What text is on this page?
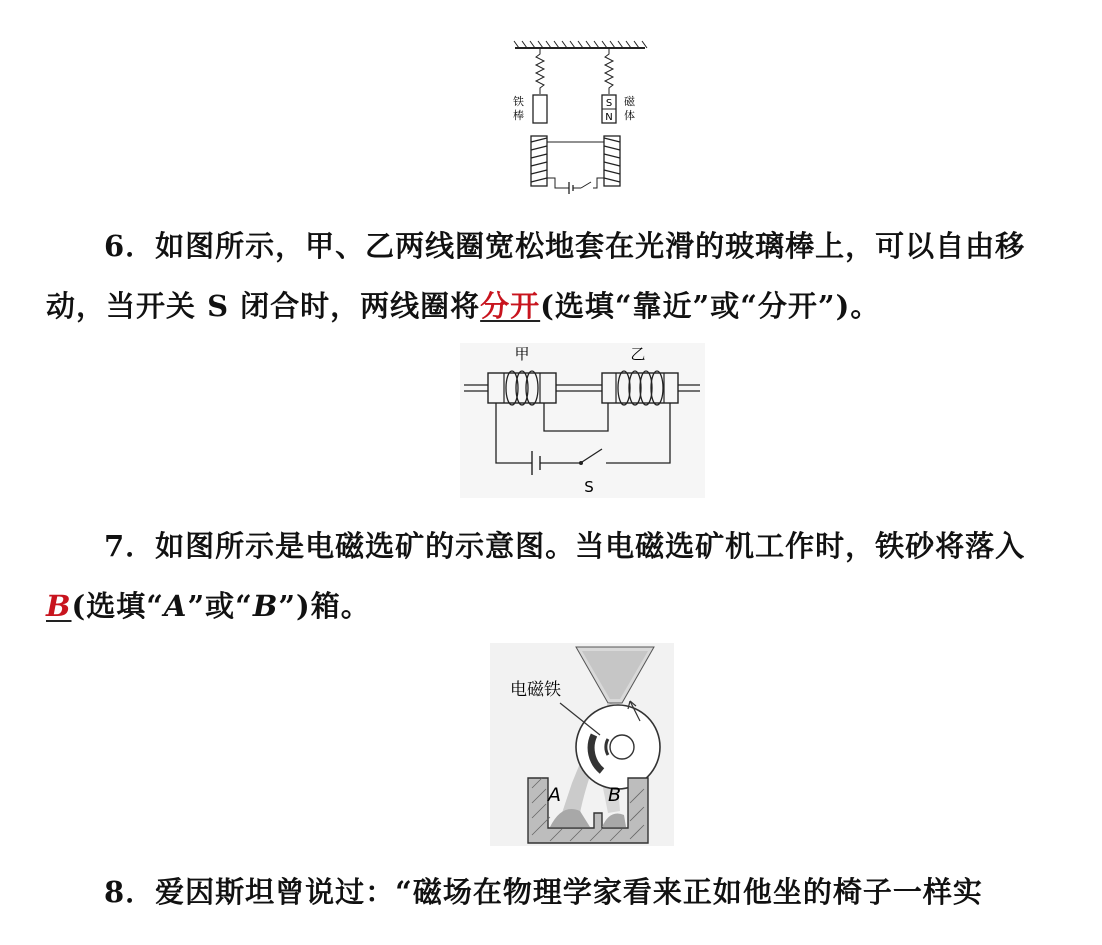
S
N
铁
棒
磁
体
6．如图所示，甲、乙两线圈宽松地套在光滑的玻璃棒上，可以自由移
动，当开关 S 闭合时，两线圈将分开(选填“靠近”或“分开”)。
甲	乙
S
7．如图所示是电磁选矿的示意图。当电磁选矿机工作时，铁砂将落入
B(选填“A”或“B”)箱。
电磁铁
A B
8．爱因斯坦曾说过：“磁场在物理学家看来正如他坐的椅子一样实
